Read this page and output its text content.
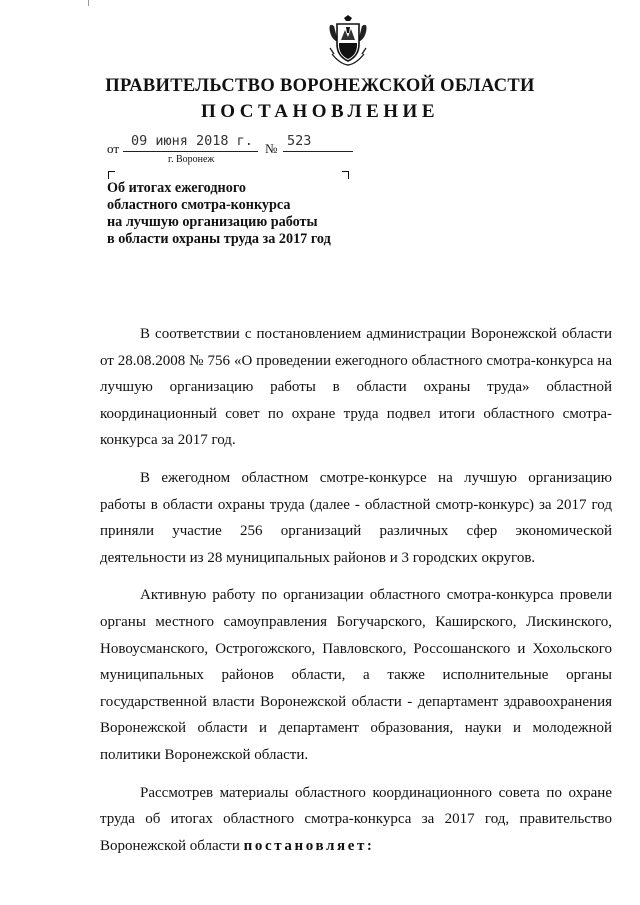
ПРАВИТЕЛЬСТВО ВОРОНЕЖСКОЙ ОБЛАСТИ
ПОСТАНОВЛЕНИЕ
от 09 июня 2018 г. № 523
г. Воронеж
Об итогах ежегодного
областного смотра-конкурса
на лучшую организацию работы
в области охраны труда за 2017 год

В соответствии с постановлением администрации Воронежской области от 28.08.2008 № 756 «О проведении ежегодного областного смотра-конкурса на лучшую организацию работы в области охраны труда» областной координационный совет по охране труда подвел итоги областного смотра-конкурса за 2017 год.

В ежегодном областном смотре-конкурсе на лучшую организацию работы в области охраны труда (далее - областной смотр-конкурс) за 2017 год приняли участие 256 организаций различных сфер экономической деятельности из 28 муниципальных районов и 3 городских округов.

Активную работу по организации областного смотра-конкурса провели органы местного самоуправления Богучарского, Каширского, Лискинского, Новоусманского, Острогожского, Павловского, Россошанского и Хохольского муниципальных районов области, а также исполнительные органы государственной власти Воронежской области - департамент здравоохранения Воронежской области и департамент образования, науки и молодежной политики Воронежской области.

Рассмотрев материалы областного координационного совета по охране труда об итогах областного смотра-конкурса за 2017 год, правительство Воронежской области постановляет:
